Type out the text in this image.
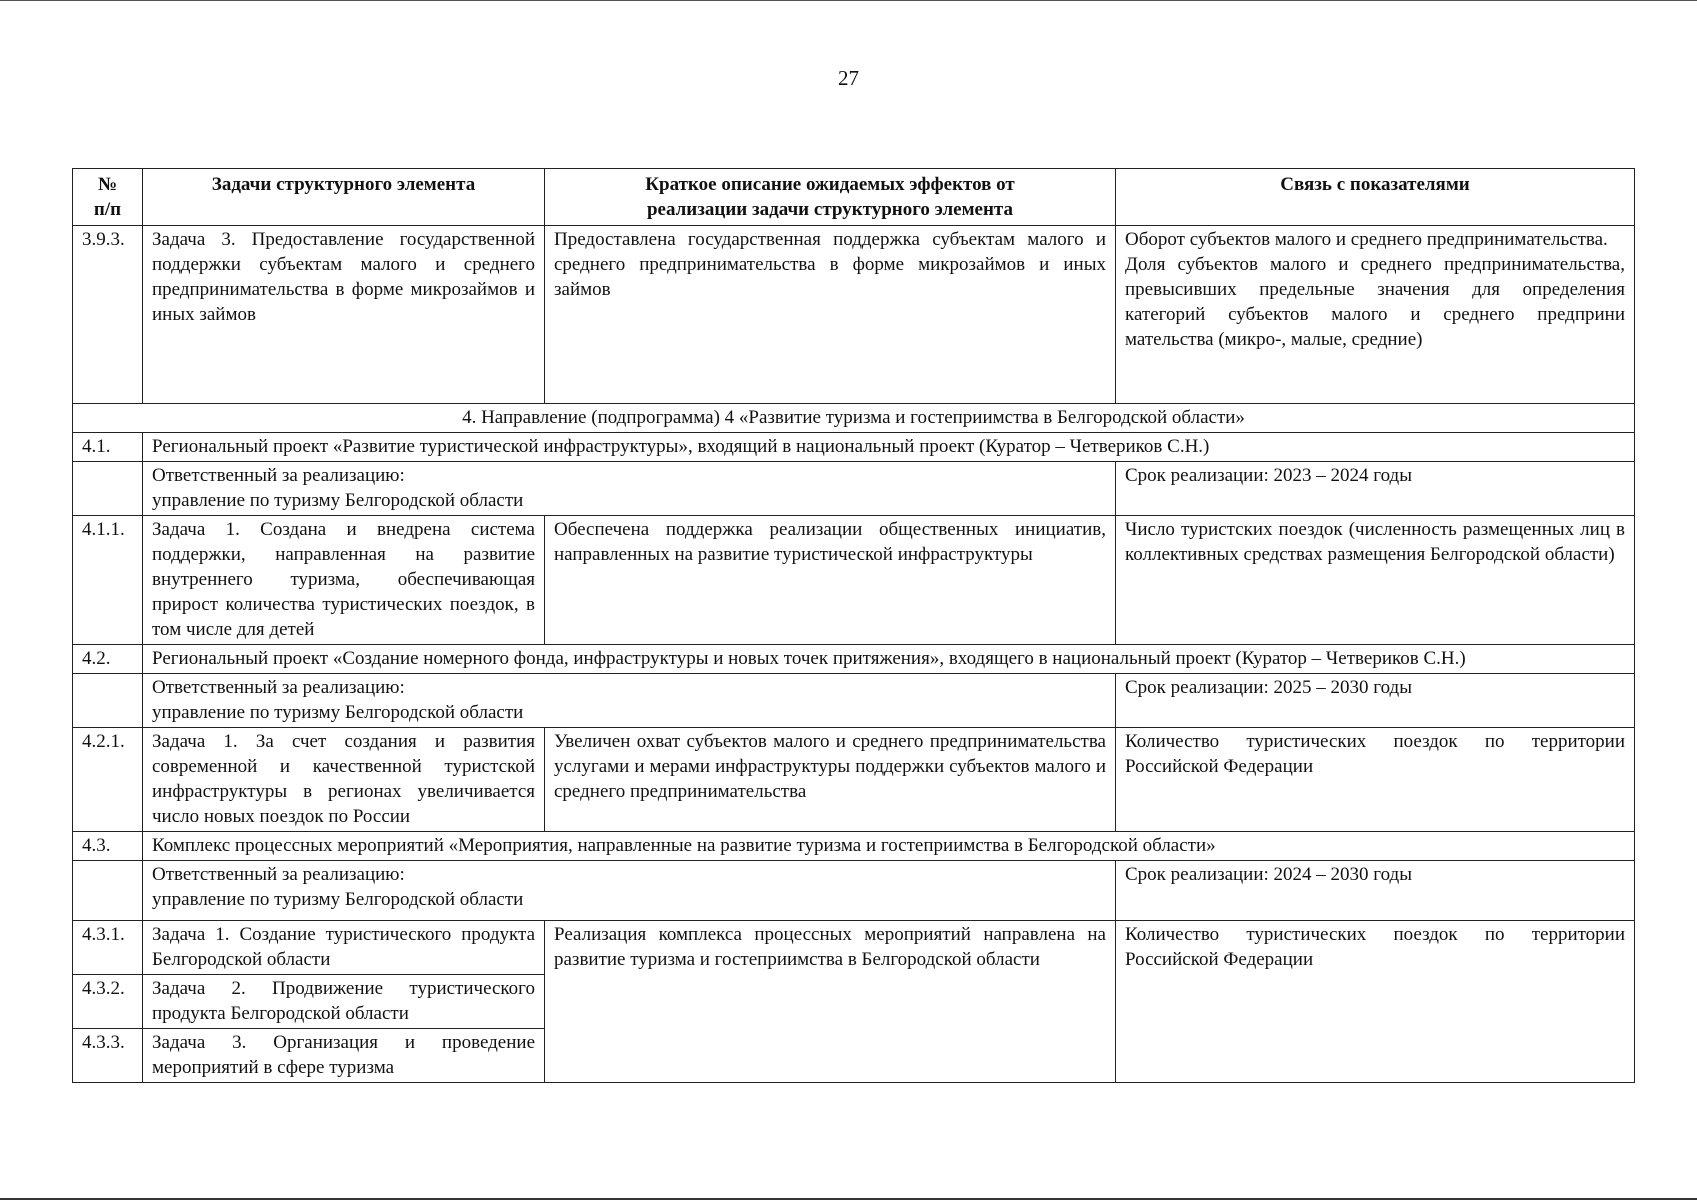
27
№
п/п	Задачи структурного элемента	Краткое описание ожидаемых эффектов от
реализации задачи структурного элемента	Связь с показателями
3.9.3.	Задача 3. Предоставление государственной поддержки субъектам малого и среднего предпринимательства в форме микрозаймов и иных займов	Предоставлена государственная поддержка субъектам малого и среднего предпринимательства в форме микрозаймов и иных займов	Оборот субъектов малого и среднего предпринимательства.
Доля субъектов малого и среднего предпринимательства, превысивших предельные значения для определения категорий субъектов малого и среднего предприни мательства (микро-, малые, средние)

4. Направление (подпрограмма) 4 «Развитие туризма и гостеприимства в Белгородской области»			
4.1.	Региональный проект «Развитие туристической инфраструктуры», входящий в национальный проект (Куратор – Четвериков С.Н.)		

	Ответственный за реализацию:
управление по туризму Белгородской области		Срок реализации: 2023 – 2024 годы
4.1.1.	Задача 1. Создана и внедрена система поддержки, направленная на развитие внутреннего туризма, обеспечивающая прирост количества туристических поездок, в том числе для детей	Обеспечена поддержка реализации общественных инициатив, направленных на развитие туристической инфраструктуры	Число туристских поездок (численность размещенных лиц в коллективных средствах размещения Белгородской области)
4.2.	Региональный проект «Создание номерного фонда, инфраструктуры и новых точек притяжения», входящего в национальный проект (Куратор – Четвериков С.Н.)		

	Ответственный за реализацию:
управление по туризму Белгородской области		Срок реализации: 2025 – 2030 годы
4.2.1.	Задача 1. За счет создания и развития современной и качественной туристской инфраструктуры в регионах увеличивается число новых поездок по России	Увеличен охват субъектов малого и среднего предпринимательства услугами и мерами инфраструктуры поддержки субъектов малого и среднего предпринимательства	Количество туристических поездок по территории Российской Федерации
4.3.	Комплекс процессных мероприятий «Мероприятия, направленные на развитие туризма и гостеприимства в Белгородской области»		

	Ответственный за реализацию:
управление по туризму Белгородской области		Срок реализации: 2024 – 2030 годы
4.3.1.	Задача 1. Создание туристического продукта Белгородской области	Реализация комплекса процессных мероприятий направлена на развитие туризма и гостеприимства в Белгородской области	Количество туристических поездок по территории Российской Федерации
4.3.2.	Задача 2. Продвижение туристического продукта Белгородской области		
4.3.3.	Задача 3. Организация и проведение мероприятий в сфере туризма		
